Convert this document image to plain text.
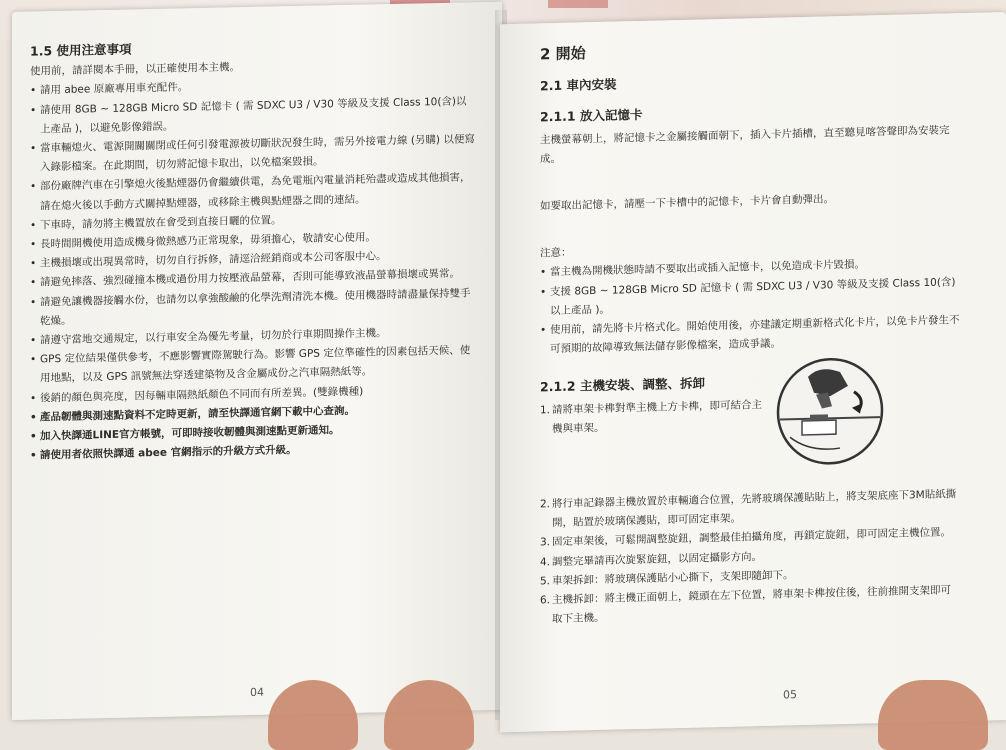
1.5 使用注意事項

使用前，請詳閱本手冊，以正確使用本主機。

• 請用 abee 原廠專用車充配件。
• 請使用 8GB ~ 128GB Micro SD 記憶卡 ( 需 SDXC U3 / V30 等級及支援 Class 10(含)以上產品 )，以避免影像錯誤。
• 當車輛熄火、電源開關關閉或任何引發電源被切斷狀況發生時，需另外接電力線 (另購) 以便寫入錄影檔案。在此期間，切勿將記憶卡取出，以免檔案毀損。
• 部份廠牌汽車在引擎熄火後點煙器仍會繼續供電，為免電瓶內電量消耗殆盡或造成其他損害，請在熄火後以手動方式關掉點煙器，或移除主機與點煙器之間的連結。
• 下車時，請勿將主機置放在會受到直接日曬的位置。
• 長時間開機使用造成機身微熱感乃正常現象，毋須擔心，敬請安心使用。
• 主機損壞或出現異常時，切勿自行拆修，請逕洽經銷商或本公司客服中心。
• 請避免摔落、強烈碰撞本機或過份用力按壓液晶螢幕，否則可能導致液晶螢幕損壞或異常。
• 請避免讓機器接觸水份，也請勿以拿強酸鹼的化學洗劑清洗本機。使用機器時請盡量保持雙手乾燥。
• 請遵守當地交通規定，以行車安全為優先考量，切勿於行車期間操作主機。
• GPS 定位結果僅供參考，不應影響實際駕駛行為。影響 GPS 定位準確性的因素包括天候、使用地點，以及 GPS 訊號無法穿透建築物及含金屬成份之汽車隔熱紙等。
• 後銷的顏色與亮度，因每輛車隔熱紙顏色不同而有所差異。(雙錄機種)
• 產品韌體與測速點資料不定時更新，請至快譯通官網下載中心查詢。
• 加入快譯通LINE官方帳號，可即時接收韌體與測速點更新通知。
• 請使用者依照快譯通 abee 官網指示的升級方式升級。
04
2 開始
2.1 車內安裝
2.1.1 放入記憶卡

主機螢幕朝上，將記憶卡之金屬接觸面朝下，插入卡片插槽，直至聽見喀答聲即為安裝完成。

如要取出記憶卡，請壓一下卡槽中的記憶卡，卡片會自動彈出。

注意：

• 當主機為開機狀態時請不要取出或插入記憶卡，以免造成卡片毀損。
• 支援 8GB ~ 128GB Micro SD 記憶卡 ( 需 SDXC U3 / V30 等級及支援 Class 10(含)以上產品 )。
• 使用前，請先將卡片格式化。開始使用後，亦建議定期重新格式化卡片，以免卡片發生不可預期的故障導致無法儲存影像檔案，造成爭議。
2.1.2 主機安裝、調整、拆卸
1. 請將車架卡榫對準主機上方卡榫，即可結合主機與車架。
2. 將行車記錄器主機放置於車輛適合位置，先將玻璃保護貼貼上，將支架底座下3M貼紙撕開，貼置於玻璃保護貼，即可固定車架。
3. 固定車架後，可鬆開調整旋鈕，調整最佳拍攝角度，再鎖定旋鈕，即可固定主機位置。
4. 調整完畢請再次旋緊旋鈕，以固定攝影方向。
5. 車架拆卸：將玻璃保護貼小心撕下，支架即隨卸下。
6. 主機拆卸：將主機正面朝上，鏡頭在左下位置，將車架卡榫按住後，往前推開支架即可取下主機。
05
